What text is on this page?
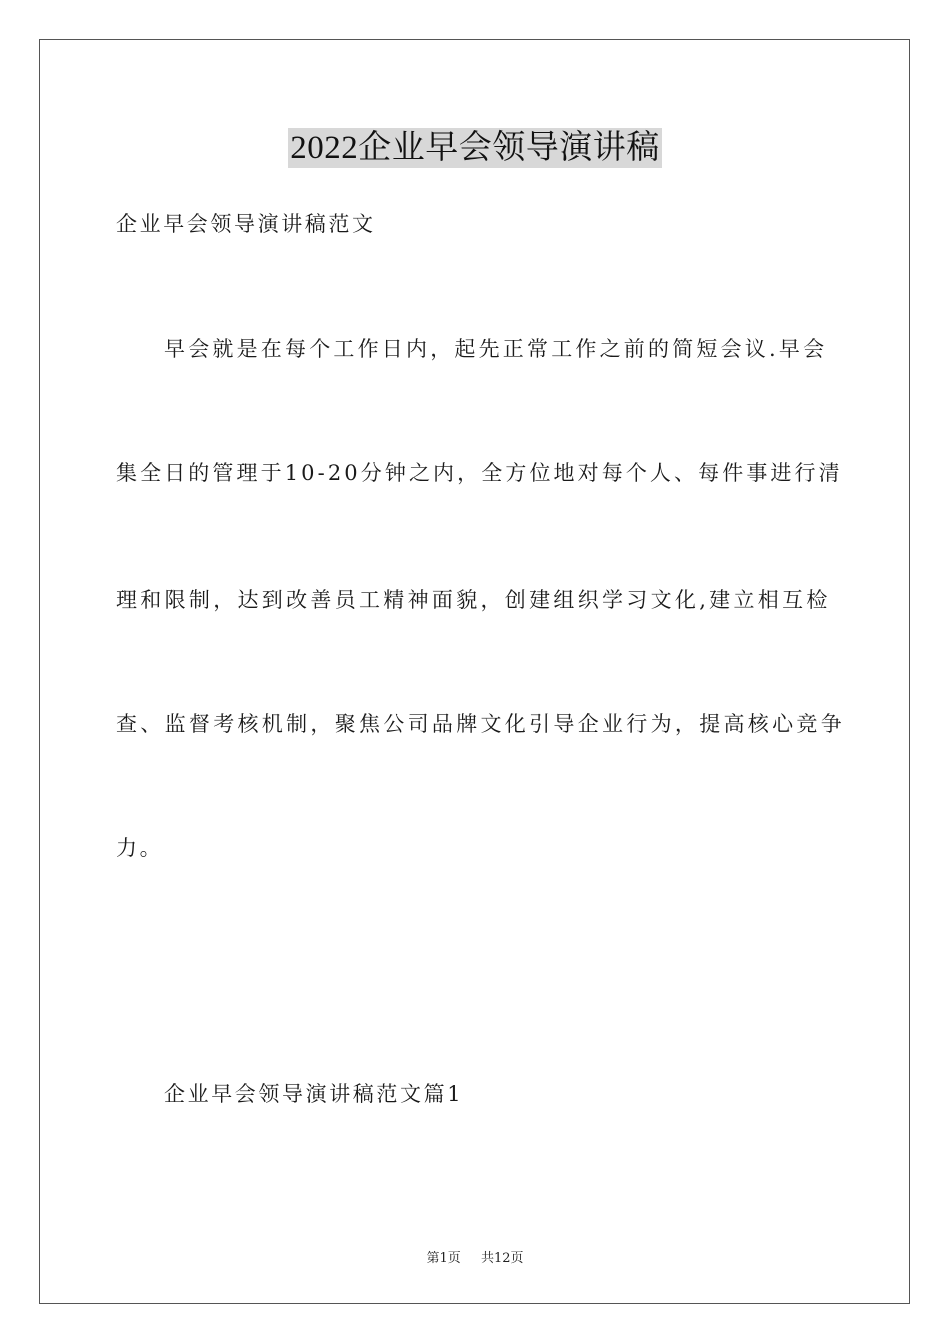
2022企业早会领导演讲稿
企业早会领导演讲稿范文
早会就是在每个工作日内，起先正常工作之前的简短会议.早会
集全日的管理于10-20分钟之内，全方位地对每个人、每件事进行清
理和限制，达到改善员工精神面貌，创建组织学习文化,建立相互检
查、监督考核机制，聚焦公司品牌文化引导企业行为，提高核心竞争
力。
企业早会领导演讲稿范文篇1
第1页 共12页
